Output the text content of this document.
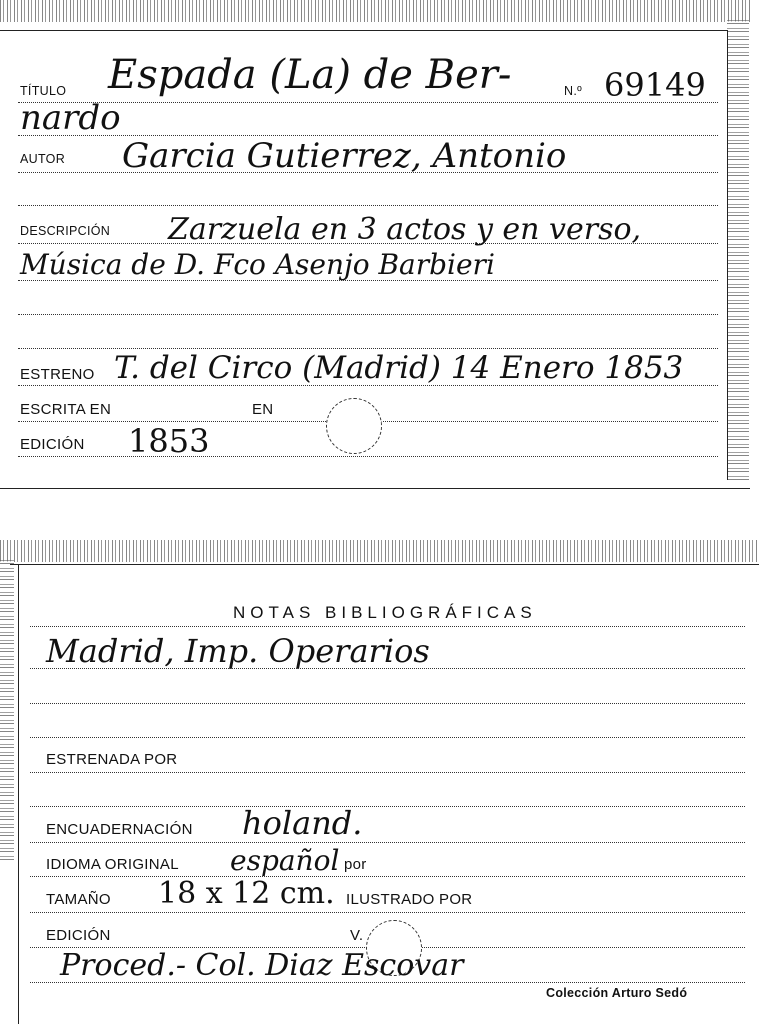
TÍTULO Espada (La) de Ber-	N.º 69149
nardo
AUTOR Garcia Gutierrez, Antonio
DESCRIPCIÓN Zarzuela en 3 actos y en verso,
Música de D. Fco Asenjo Barbieri
ESTRENO T. del Circo (Madrid) 14 Enero 1853
ESCRITA EN	EN
EDICIÓN 1853
NOTAS BIBLIOGRÁFICAS
Madrid, Imp. Operarios
ESTRENADA POR
ENCUADERNACIÓN holand.
IDIOMA ORIGINAL español por
TAMAÑO 18 x 12 cm. ILUSTRADO POR
EDICIÓN	V.
Proced.- Col. Diaz Escovar
Colección Arturo Sedó
